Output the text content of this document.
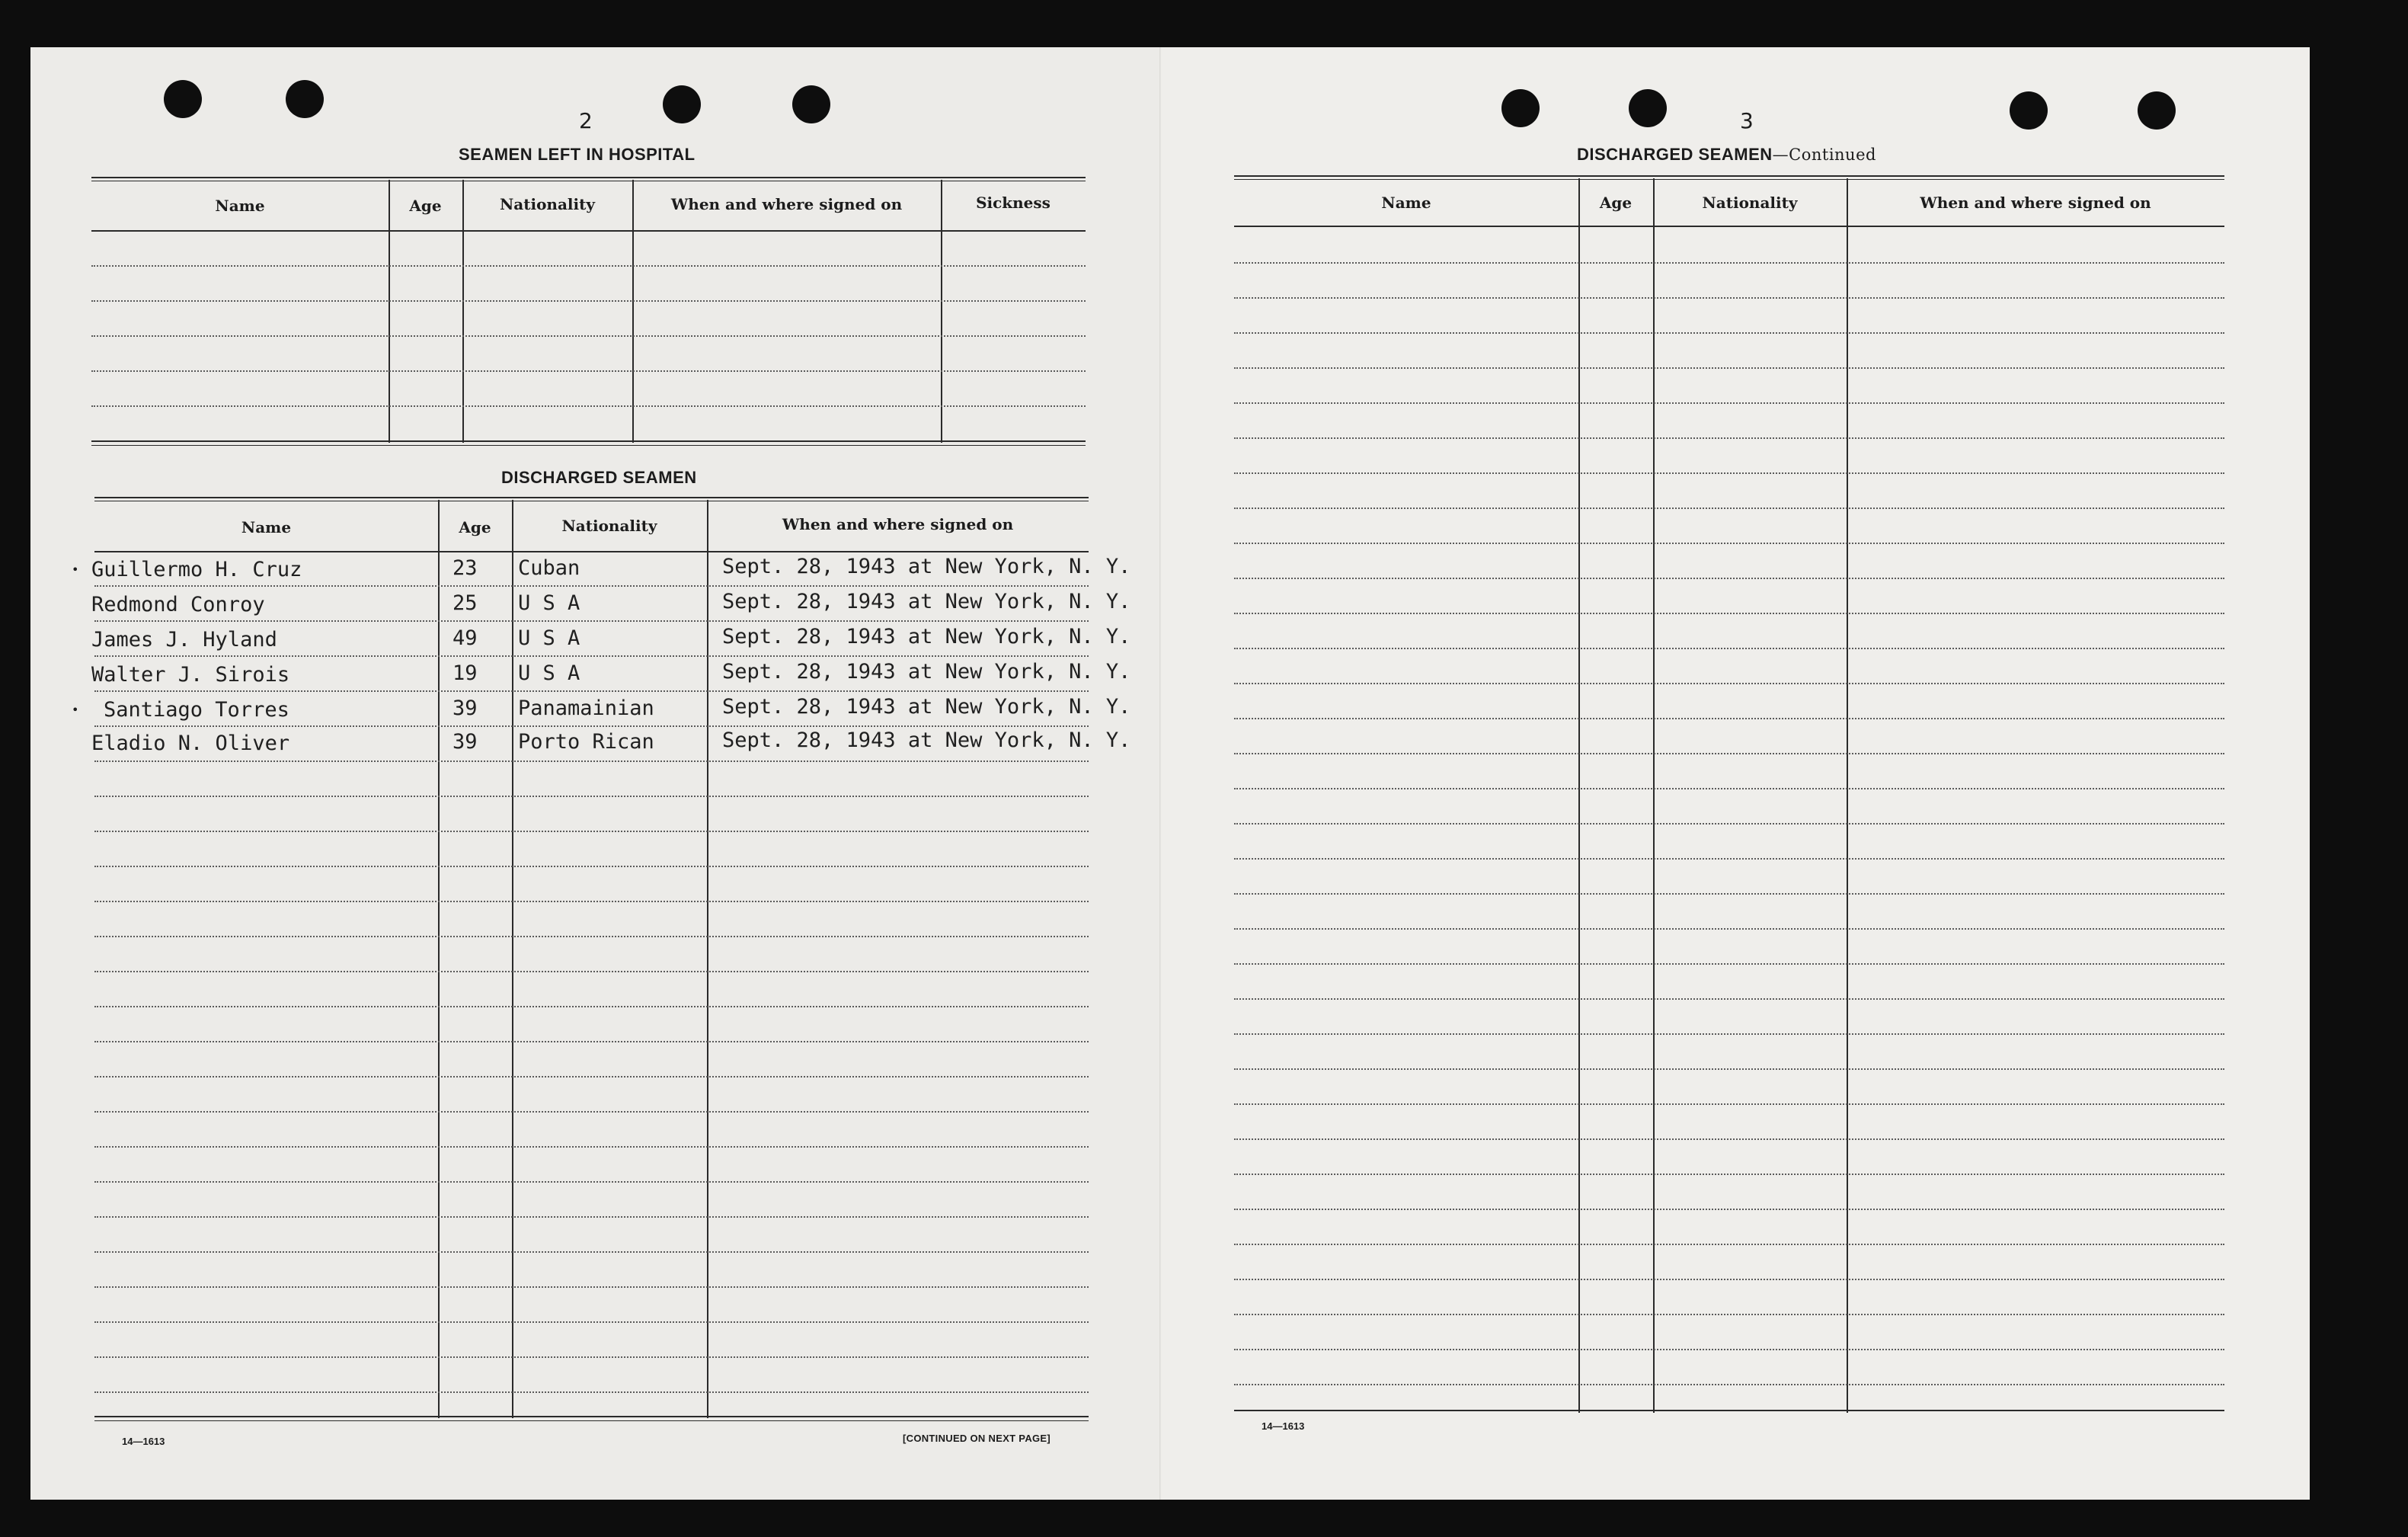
2
SEAMEN LEFT IN HOSPITAL
Name	Age	Nationality	When and where signed on	Sickness
DISCHARGED SEAMEN
Name	Age	Nationality	When and where signed on
• Guillermo H. Cruz	23 Cuban	Sept. 28, 1943 at New York, N. Y.
Redmond Conroy	25 U S A	Sept. 28, 1943 at New York, N. Y.
James J. Hyland	49 U S A	Sept. 28, 1943 at New York, N. Y.
Walter J. Sirois	19 U S A	Sept. 28, 1943 at New York, N. Y.
• Santiago Torres	39 Panamainian	Sept. 28, 1943 at New York, N. Y.
Eladio N. Oliver	39 Porto Rican	Sept. 28, 1943 at New York, N. Y.
14—1613	[CONTINUED ON NEXT PAGE]
3
DISCHARGED SEAMEN—Continued
Name	Age	Nationality	When and where signed on
14—1613
